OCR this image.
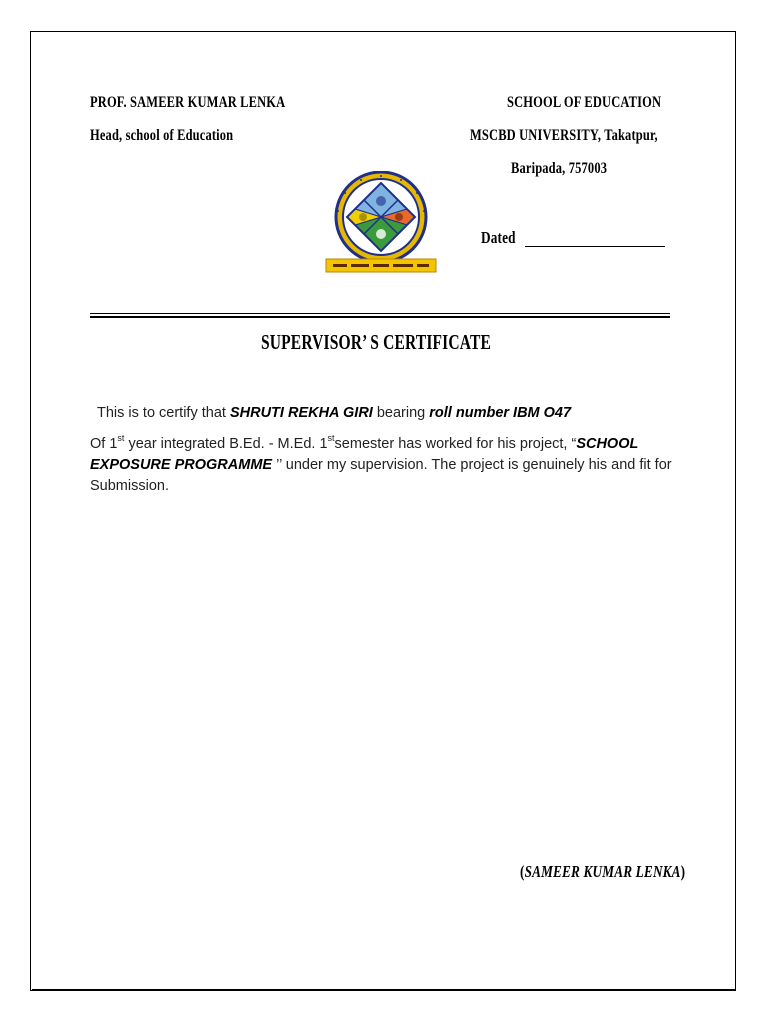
PROF. SAMEER KUMAR LENKA
Head, school of Education
SCHOOL OF EDUCATION
MSCBD UNIVERSITY, Takatpur,
Baripada, 757003
Dated
SUPERVISOR’ S CERTIFICATE
This is to certify that SHRUTI REKHA GIRI bearing roll number IBM O47
Of 1st year integrated B.Ed. - M.Ed. 1stsemester has worked for his project, “SCHOOL EXPOSURE PROGRAMME ’’ under my supervision. The project is genuinely his and fit for Submission.
(SAMEER KUMAR LENKA)
